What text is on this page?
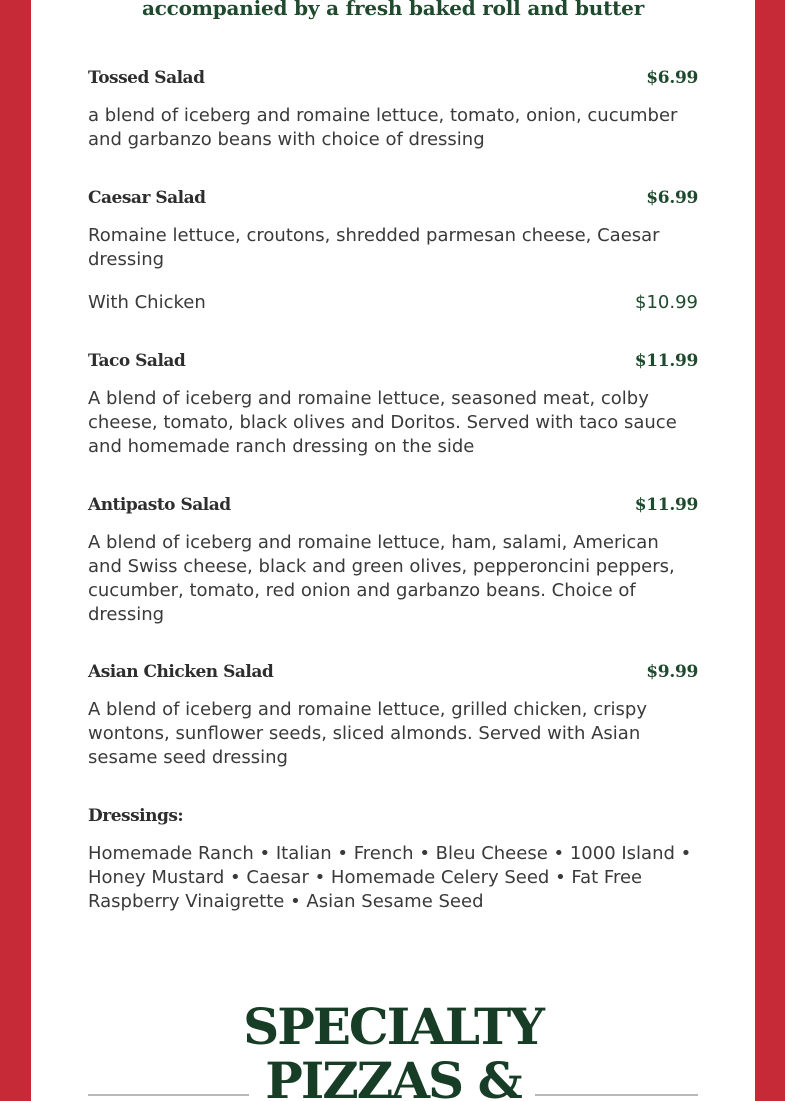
accompanied by a fresh baked roll and butter
Tossed Salad	$6.99
a blend of iceberg and romaine lettuce, tomato, onion, cucumber and garbanzo beans with choice of dressing
Caesar Salad	$6.99
Romaine lettuce, croutons, shredded parmesan cheese, Caesar dressing
With Chicken	$10.99
Taco Salad	$11.99
A blend of iceberg and romaine lettuce, seasoned meat, colby cheese, tomato, black olives and Doritos. Served with taco sauce and homemade ranch dressing on the side
Antipasto Salad	$11.99
A blend of iceberg and romaine lettuce, ham, salami, American and Swiss cheese, black and green olives, pepperoncini peppers, cucumber, tomato, red onion and garbanzo beans. Choice of dressing
Asian Chicken Salad	$9.99
A blend of iceberg and romaine lettuce, grilled chicken, crispy wontons, sunflower seeds, sliced almonds. Served with Asian sesame seed dressing
Dressings:
Homemade Ranch • Italian • French • Bleu Cheese • 1000 Island • Honey Mustard • Caesar • Homemade Celery Seed • Fat Free Raspberry Vinaigrette • Asian Sesame Seed
SPECIALTY
PIZZAS &
